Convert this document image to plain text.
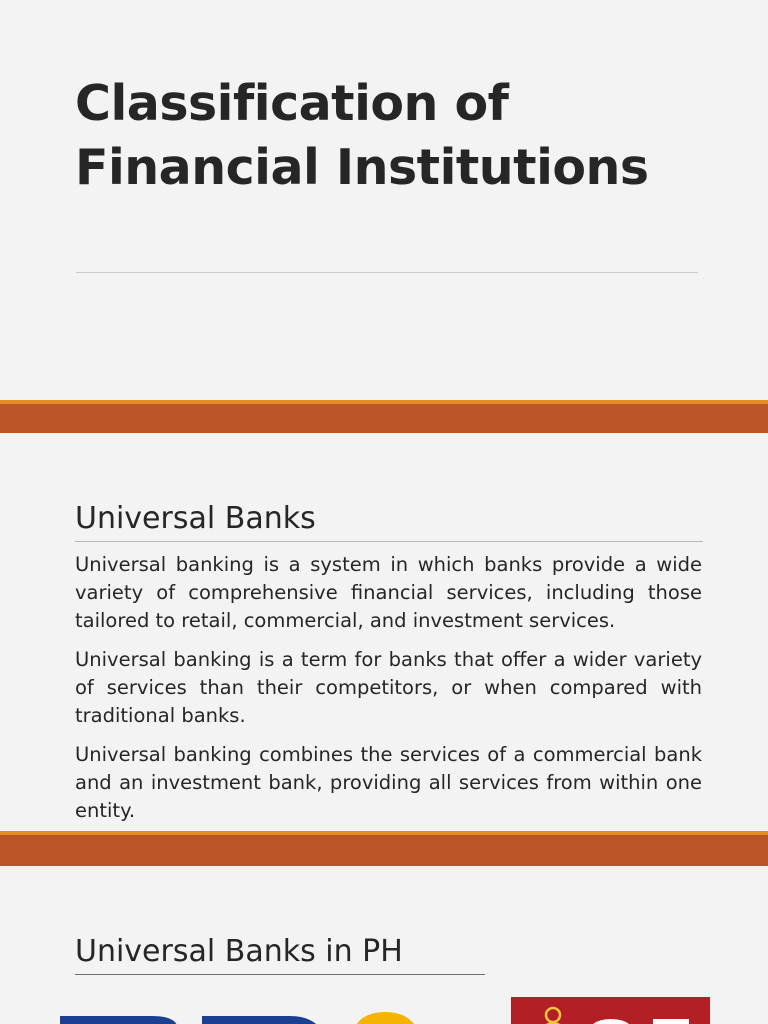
Classification of
Financial Institutions
Universal Banks

Universal banking is a system in which banks provide a wide variety of comprehensive financial services, including those tailored to retail, commercial, and investment services.

Universal banking is a term for banks that offer a wider variety of services than their competitors, or when compared with traditional banks.

Universal banking combines the services of a commercial bank and an investment bank, providing all services from within one entity.

Universal Banks in PH
